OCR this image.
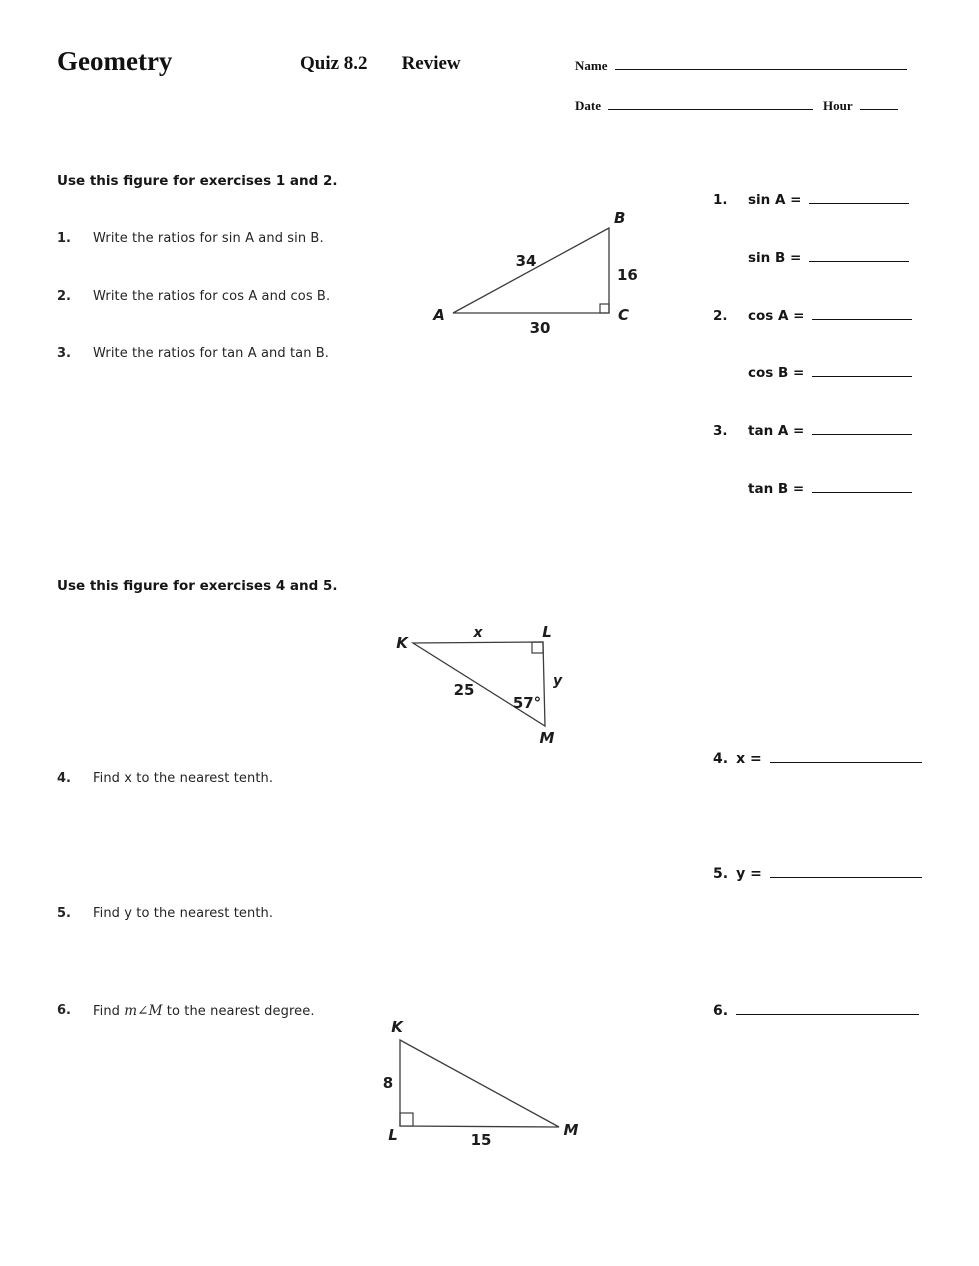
Geometry	Quiz 8.2 Review	Name
Date	Hour
Use this figure for exercises 1 and 2.
1.	Write the ratios for sin A and sin B.
2.	Write the ratios for cos A and cos B.
3.	Write the ratios for tan A and tan B.
A
B
C
34
16
30
1.	sin A =
sin B =
2.	cos A =
cos B =
3.	tan A =
tan B =
Use this figure for exercises 4 and 5.
K
L
M
x
y
25
57°
4.	Find x to the nearest tenth.
5.	Find y to the nearest tenth.
6.	Find m∠M to the nearest degree.
4. x =
5. y =
6.
K
L	M
8
15
